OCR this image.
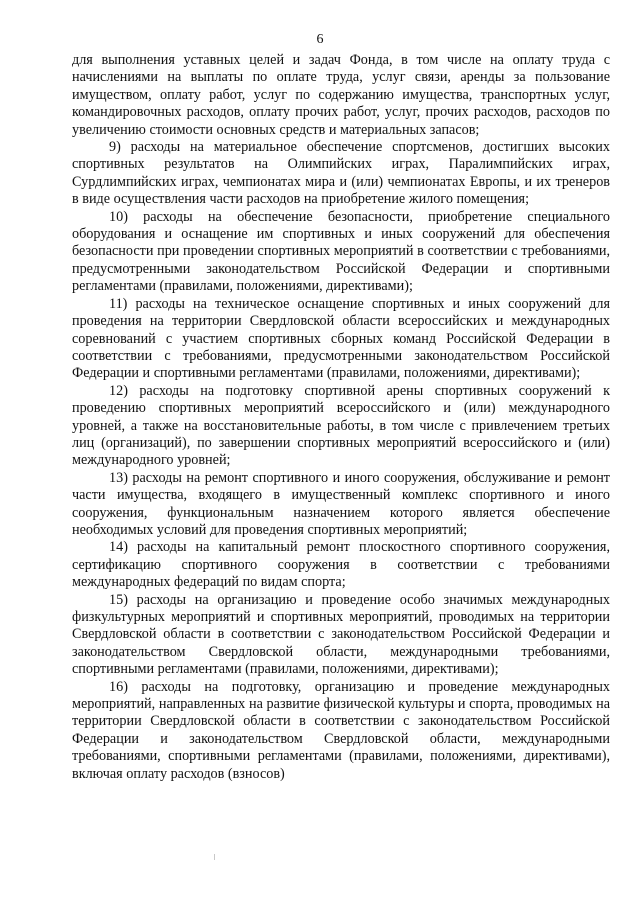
6

для выполнения уставных целей и задач Фонда, в том числе на оплату труда с начислениями на выплаты по оплате труда, услуг связи, аренды за пользование имуществом, оплату работ, услуг по содержанию имущества, транспортных услуг, командировочных расходов, оплату прочих работ, услуг, прочих расходов, расходов по увеличению стоимости основных средств и материальных запасов;

9) расходы на материальное обеспечение спортсменов, достигших высоких спортивных результатов на Олимпийских играх, Паралимпийских играх, Сурдлимпийских играх, чемпионатах мира и (или) чемпионатах Европы, и их тренеров в виде осуществления части расходов на приобретение жилого помещения;

10) расходы на обеспечение безопасности, приобретение специального оборудования и оснащение им спортивных и иных сооружений для обеспечения безопасности при проведении спортивных мероприятий в соответствии с требованиями, предусмотренными законодательством Российской Федерации и спортивными регламентами (правилами, положениями, директивами);

11) расходы на техническое оснащение спортивных и иных сооружений для проведения на территории Свердловской области всероссийских и международных соревнований с участием спортивных сборных команд Российской Федерации в соответствии с требованиями, предусмотренными законодательством Российской Федерации и спортивными регламентами (правилами, положениями, директивами);

12) расходы на подготовку спортивной арены спортивных сооружений к проведению спортивных мероприятий всероссийского и (или) международного уровней, а также на восстановительные работы, в том числе с привлечением третьих лиц (организаций), по завершении спортивных мероприятий всероссийского и (или) международного уровней;

13) расходы на ремонт спортивного и иного сооружения, обслуживание и ремонт части имущества, входящего в имущественный комплекс спортивного и иного сооружения, функциональным назначением которого является обеспечение необходимых условий для проведения спортивных мероприятий;

14) расходы на капитальный ремонт плоскостного спортивного сооружения, сертификацию спортивного сооружения в соответствии с требованиями международных федераций по видам спорта;

15) расходы на организацию и проведение особо значимых международных физкультурных мероприятий и спортивных мероприятий, проводимых на территории Свердловской области в соответствии с законодательством Российской Федерации и законодательством Свердловской области, международными требованиями, спортивными регламентами (правилами, положениями, директивами);

16) расходы на подготовку, организацию и проведение международных мероприятий, направленных на развитие физической культуры и спорта, проводимых на территории Свердловской области в соответствии с законодательством Российской Федерации и законодательством Свердловской области, международными требованиями, спортивными регламентами (правилами, положениями, директивами), включая оплату расходов (взносов)
